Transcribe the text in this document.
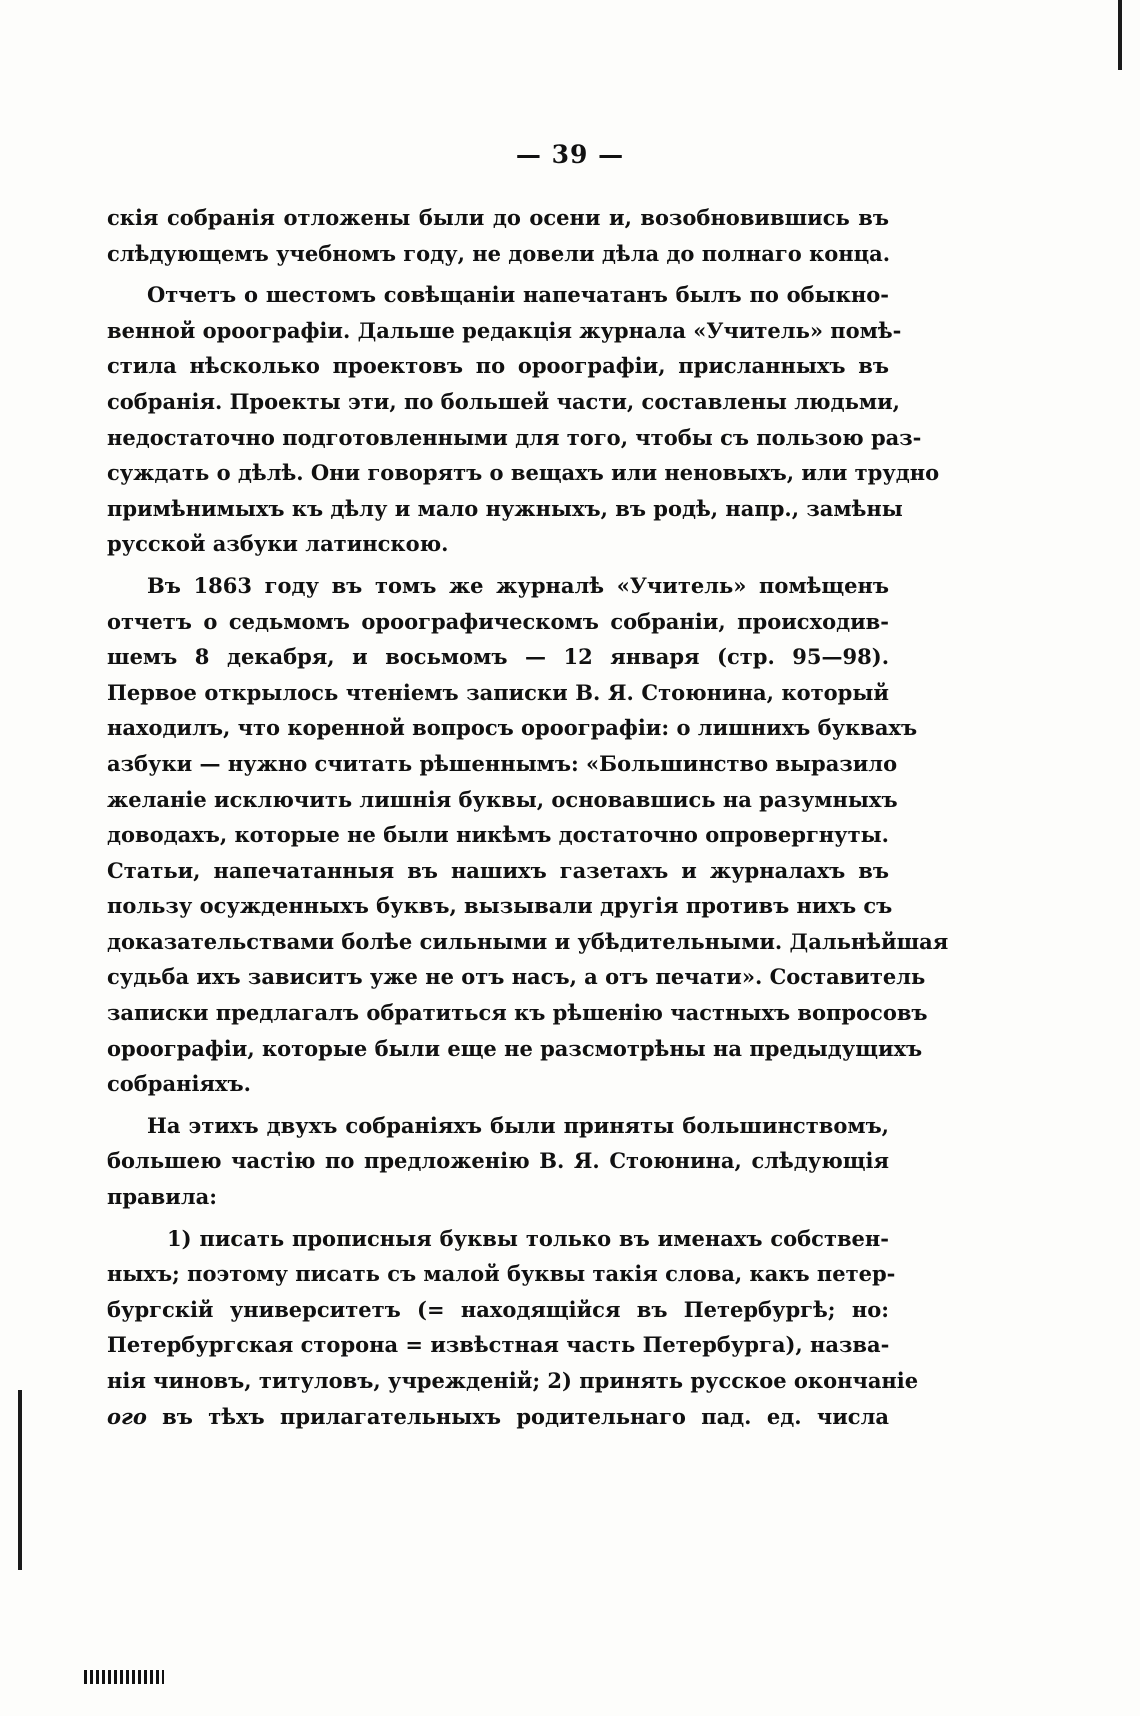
— 39 —

скія собранія отложены были до осени и, возобновившись въ
слѣдующемъ учебномъ году, не довели дѣла до полнаго конца.

Отчетъ о шестомъ совѣщаніи напечатанъ былъ по обыкно-
венной ороографіи. Дальше редакція журнала «Учитель» помѣ-
стила нѣсколько проектовъ по ороографіи, присланныхъ въ
собранія. Проекты эти, по большей части, составлены людьми,
недостаточно подготовленными для того, чтобы съ пользою раз-
суждать о дѣлѣ. Они говорятъ о вещахъ или неновыхъ, или трудно
примѣнимыхъ къ дѣлу и мало нужныхъ, въ родѣ, напр., замѣны
русской азбуки латинскою.

Въ 1863 году въ томъ же журналѣ «Учитель» помѣщенъ
отчетъ о седьмомъ ороографическомъ собраніи, происходив-
шемъ 8 декабря, и восьмомъ — 12 января (стр. 95—98).
Первое открылось чтеніемъ записки В. Я. Стоюнина, который
находилъ, что коренной вопросъ ороографіи: о лишнихъ буквахъ
азбуки — нужно считать рѣшеннымъ: «Большинство выразило
желаніе исключить лишнія буквы, основавшись на разумныхъ
доводахъ, которые не были никѣмъ достаточно опровергнуты.
Статьи, напечатанныя въ нашихъ газетахъ и журналахъ въ
пользу осужденныхъ буквъ, вызывали другія противъ нихъ съ
доказательствами болѣе сильными и убѣдительными. Дальнѣйшая
судьба ихъ зависитъ уже не отъ насъ, а отъ печати». Составитель
записки предлагалъ обратиться къ рѣшенію частныхъ вопросовъ
ороографіи, которые были еще не разсмотрѣны на предыдущихъ
собраніяхъ.

На этихъ двухъ собраніяхъ были приняты большинствомъ,
большею частію по предложенію В. Я. Стоюнина, слѣдующія
правила:

1) писать прописныя буквы только въ именахъ собствен-
ныхъ; поэтому писать съ малой буквы такія слова, какъ петер-
бургскій университетъ (= находящійся въ Петербургѣ; но:
Петербургская сторона = извѣстная часть Петербурга), назва-
нія чиновъ, титуловъ, учрежденій; 2) принять русское окончаніе
ого въ тѣхъ прилагательныхъ родительнаго пад. ед. числа
